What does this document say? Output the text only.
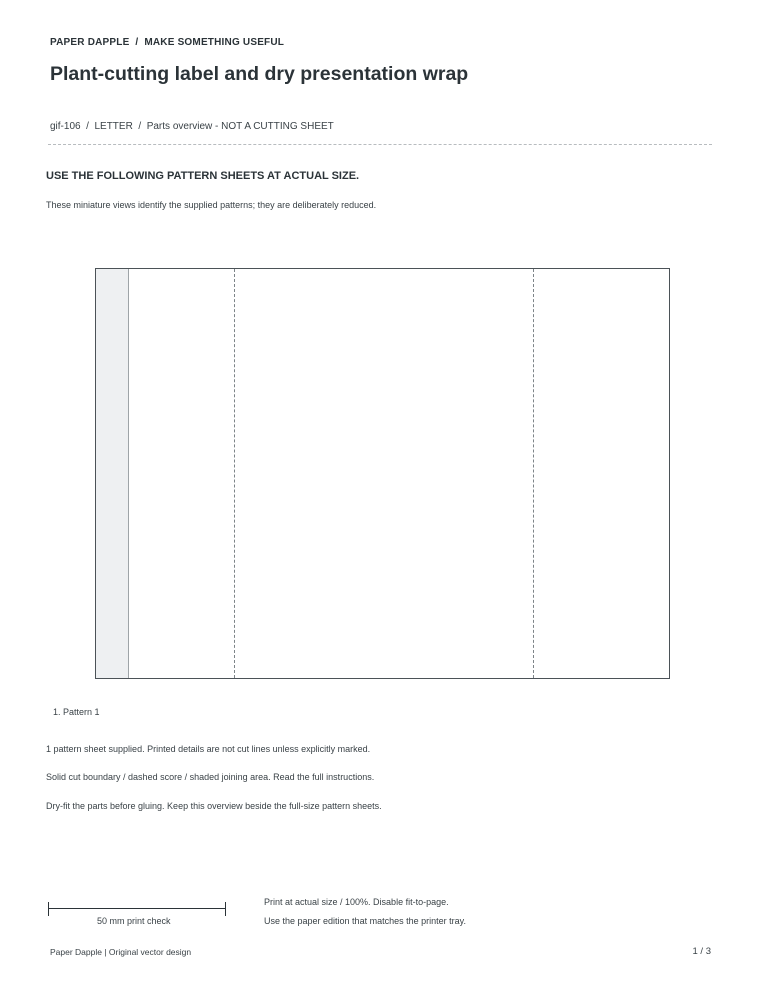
PAPER DAPPLE  /  MAKE SOMETHING USEFUL
Plant-cutting label and dry presentation wrap
gif-106  /  LETTER  /  Parts overview - NOT A CUTTING SHEET
USE THE FOLLOWING PATTERN SHEETS AT ACTUAL SIZE.
These miniature views identify the supplied patterns; they are deliberately reduced.
1. Pattern 1
1 pattern sheet supplied. Printed details are not cut lines unless explicitly marked.
Solid cut boundary / dashed score / shaded joining area. Read the full instructions.
Dry-fit the parts before gluing. Keep this overview beside the full-size pattern sheets.
50 mm print check
Print at actual size / 100%. Disable fit-to-page.
Use the paper edition that matches the printer tray.
Paper Dapple | Original vector design	1 / 3
